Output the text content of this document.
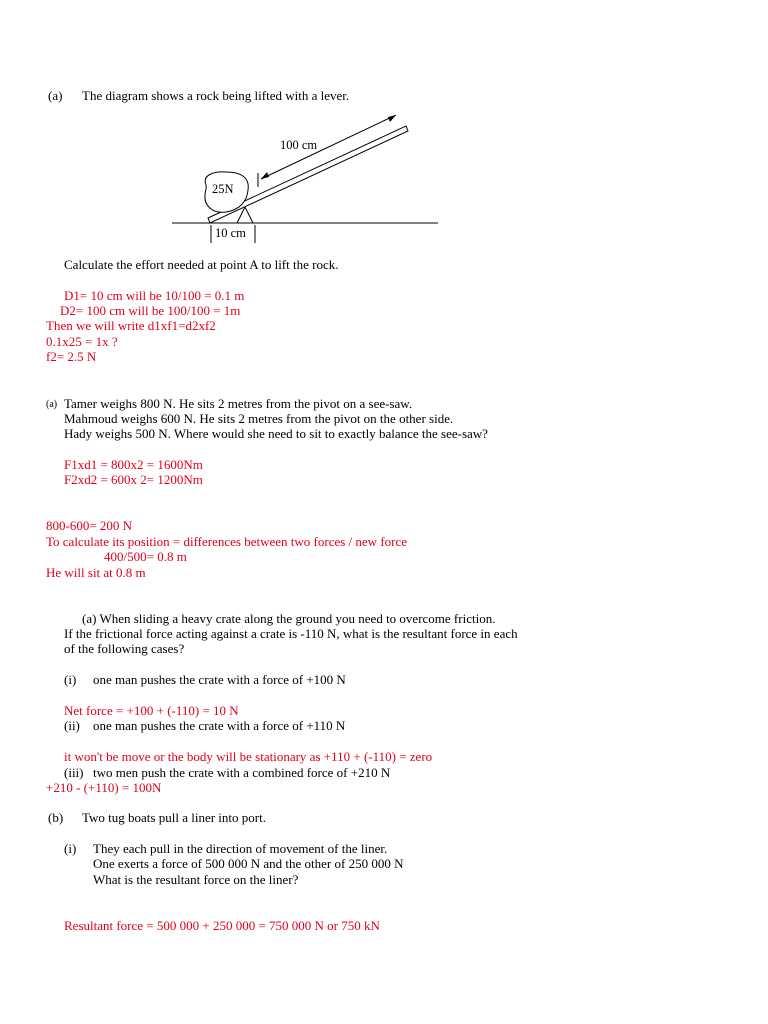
(a) The diagram shows a rock being lifted with a lever.
25N
100 cm
10 cm
Calculate the effort needed at point A to lift the rock.
D1= 10 cm will be 10/100 = 0.1 m
D2= 100 cm will be 100/100 = 1m
Then we will write d1xf1=d2xf2
0.1x25 = 1x ?
f2= 2.5 N
(a) Tamer weighs 800 N. He sits 2 metres from the pivot on a see-saw.
Mahmoud weighs 600 N. He sits 2 metres from the pivot on the other side.
Hady weighs 500 N. Where would she need to sit to exactly balance the see-saw?
F1xd1 = 800x2 = 1600Nm
F2xd2 = 600x 2= 1200Nm
800-600= 200 N
To calculate its position = differences between two forces / new force
400/500= 0.8 m
He will sit at 0.8 m
(a) When sliding a heavy crate along the ground you need to overcome friction.
If the frictional force acting against a crate is -110 N, what is the resultant force in each
of the following cases?
(i) one man pushes the crate with a force of +100 N
Net force = +100 + (-110) = 10 N
(ii) one man pushes the crate with a force of +110 N
it won't be move or the body will be stationary as +110 + (-110) = zero
(iii) two men push the crate with a combined force of +210 N
+210 - (+110) = 100N
(b) Two tug boats pull a liner into port.
(i) They each pull in the direction of movement of the liner.
One exerts a force of 500 000 N and the other of 250 000 N
What is the resultant force on the liner?
Resultant force = 500 000 + 250 000 = 750 000 N or 750 kN
